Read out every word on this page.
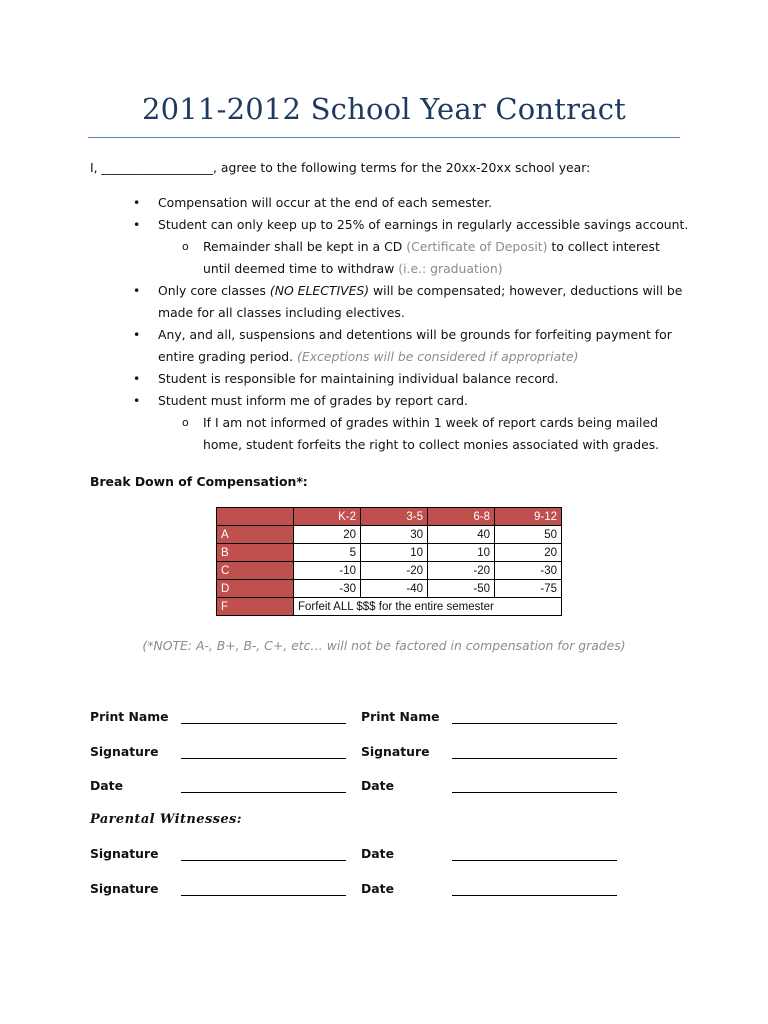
2011-2012 School Year Contract
I, __________________, agree to the following terms for the 20xx-20xx school year:
• Compensation will occur at the end of each semester.
• Student can only keep up to 25% of earnings in regularly accessible savings account.
o Remainder shall be kept in a CD (Certificate of Deposit) to collect interest
until deemed time to withdraw (i.e.: graduation)
• Only core classes (NO ELECTIVES) will be compensated; however, deductions will be
made for all classes including electives.
• Any, and all, suspensions and detentions will be grounds for forfeiting payment for
entire grading period. (Exceptions will be considered if appropriate)
• Student is responsible for maintaining individual balance record.
• Student must inform me of grades by report card.
o If I am not informed of grades within 1 week of report cards being mailed
home, student forfeits the right to collect monies associated with grades.
Break Down of Compensation*:
	K-2	3-5	6-8	9-12
A	20	30	40	50
B	5	10	10	20
C	-10	-20	-20	-30
D	-30	-40	-50	-75
F	Forfeit ALL $$$ for the entire semester			
(*NOTE: A-, B+, B-, C+, etc… will not be factored in compensation for grades)
Print Name	Print Name
Signature	Signature
Date	Date
Parental Witnesses:
Signature	Date
Signature	Date
